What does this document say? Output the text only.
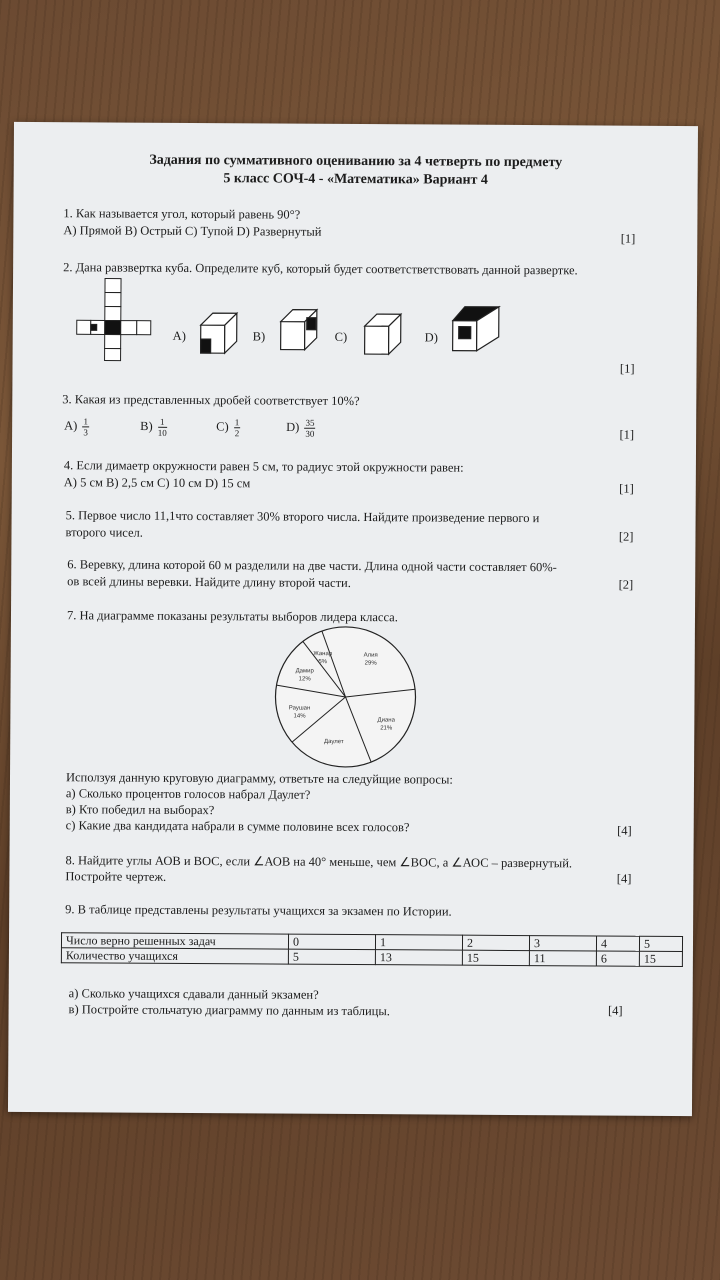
Задания по суммативного оцениванию за 4 четверть по предмету
5 класс СОЧ-4 - «Математика» Вариант 4
1. Как называется угол, который равень 90°?
A) Прямой B) Острый C) Тупой D) Развернутый	[1]
2. Дана равзвертка куба. Определите куб, который будет соответстветствовать данной развертке.
A)	B)	C)	D)
[1]
3. Какая из представленных дробей соответствует 10%?
$A) \frac{1}{3}$	$B) \frac{1}{10}$	$C) \frac{1}{2}$	$D) \frac{35}{30}$	[1]
4. Если димаетр окружности равен 5 см, то радиус этой окружности равен:
A) 5 см B) 2,5 см C) 10 см D) 15 см	[1]
5. Первое число 11,1что составляет 30% второго числа. Найдите произведение первого и
второго чисел.	[2]
6. Веревку, длина которой 60 м разделили на две части. Длина одной части составляет 60%-
ов всей длины веревки. Найдите длину второй части.	[2]
7. На диаграмме показаны результаты выборов лидера класса.
Алия
29%
Диана
21%
Даулет
Раушан
14%
Дамир
12%
Жанар
5%
Исползуя данную круговую диаграмму, ответьте на следуйщие вопросы:
а) Сколько процентов голосов набрал Даулет?
в) Кто победил на выборах?
с) Какие два кандидата набрали в сумме половине всех голосов?	[4]
8. Найдите углы АОВ и ВОС, если ∠АОВ на 40° меньше, чем ∠ВОС, а ∠АОС – развернутый.
Постройте чертеж.	[4]
9. В таблице представлены результаты учащихся за экзамен по Истории.
Число верно решенных задач	0	1	2	3	4	5
Количество учащихся	5	13	15	11	6	15
а) Сколько учащихся сдавали данный экзамен?
в) Постройте стольчатую диаграмму по данным из таблицы.	[4]
